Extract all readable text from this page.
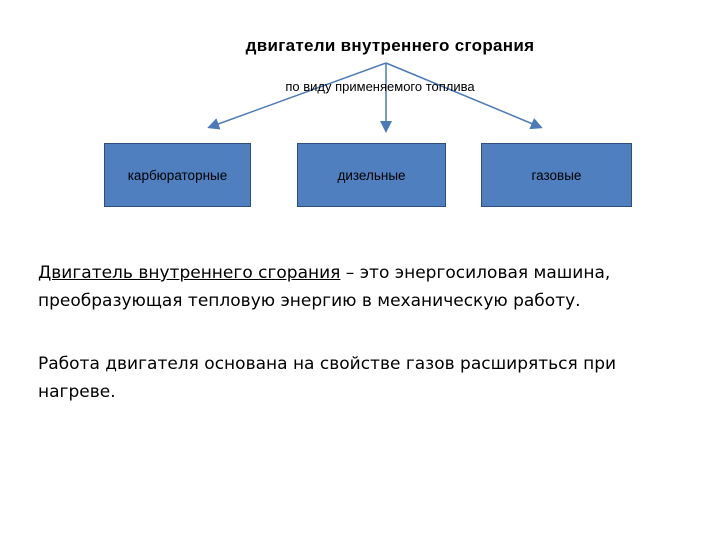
двигатели внутреннего сгорания
по виду применяемого топлива
карбюраторные	дизельные	газовые
Двигатель внутреннего сгорания – это энергосиловая машина, преобразующая тепловую энергию в механическую работу.
Работа двигателя основана на свойстве газов расширяться при нагреве.
